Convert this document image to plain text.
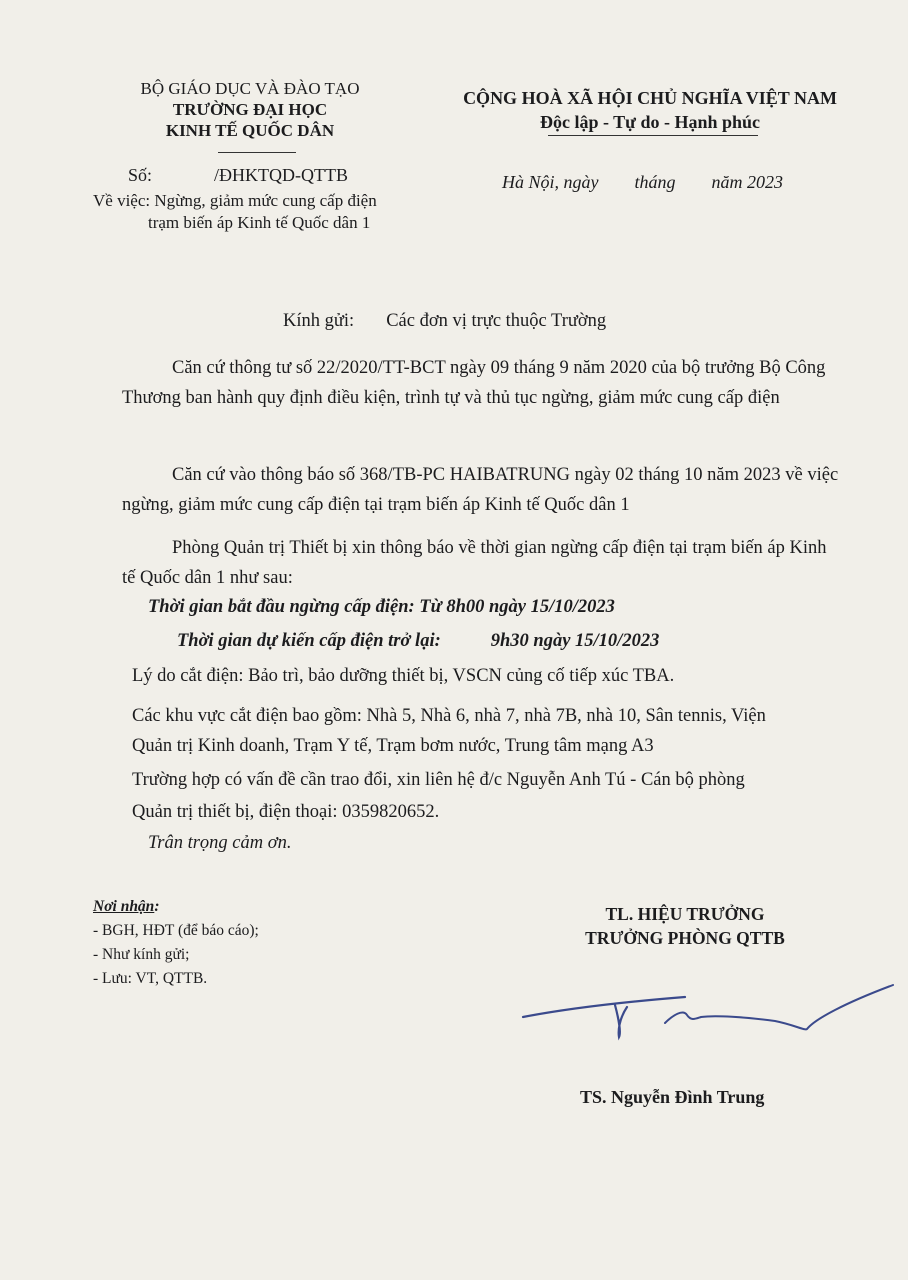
BỘ GIÁO DỤC VÀ ĐÀO TẠO
TRƯỜNG ĐẠI HỌC
KINH TẾ QUỐC DÂN
CỘNG HOÀ XÃ HỘI CHỦ NGHĨA VIỆT NAM
Độc lập - Tự do - Hạnh phúc
Số:	/ĐHKTQD-QTTB
Về việc: Ngừng, giảm mức cung cấp điện
trạm biến áp Kinh tế Quốc dân 1
Hà Nội, ngày tháng năm 2023
Kính gửi: Các đơn vị trực thuộc Trường
Căn cứ thông tư số 22/2020/TT-BCT ngày 09 tháng 9 năm 2020 của bộ trưởng Bộ Công Thương ban hành quy định điều kiện, trình tự và thủ tục ngừng, giảm mức cung cấp điện
Căn cứ vào thông báo số 368/TB-PC HAIBATRUNG ngày 02 tháng 10 năm 2023 về việc ngừng, giảm mức cung cấp điện tại trạm biến áp Kinh tế Quốc dân 1
Phòng Quản trị Thiết bị xin thông báo về thời gian ngừng cấp điện tại trạm biến áp Kinh tế Quốc dân 1 như sau:
Thời gian bắt đầu ngừng cấp điện: Từ 8h00 ngày 15/10/2023
Thời gian dự kiến cấp điện trở lại:	9h30 ngày 15/10/2023
Lý do cắt điện: Bảo trì, bảo dưỡng thiết bị, VSCN củng cố tiếp xúc TBA.
Các khu vực cắt điện bao gồm: Nhà 5, Nhà 6, nhà 7, nhà 7B, nhà 10, Sân tennis, Viện
Quản trị Kinh doanh, Trạm Y tế, Trạm bơm nước, Trung tâm mạng A3
Trường hợp có vấn đề cần trao đổi, xin liên hệ đ/c Nguyễn Anh Tú - Cán bộ phòng
Quản trị thiết bị, điện thoại: 0359820652.
Trân trọng cảm ơn.
Nơi nhận:
- BGH, HĐT (để báo cáo);
- Như kính gửi;
- Lưu: VT, QTTB.
TL. HIỆU TRƯỞNG
TRƯỞNG PHÒNG QTTB
TS. Nguyễn Đình Trung
